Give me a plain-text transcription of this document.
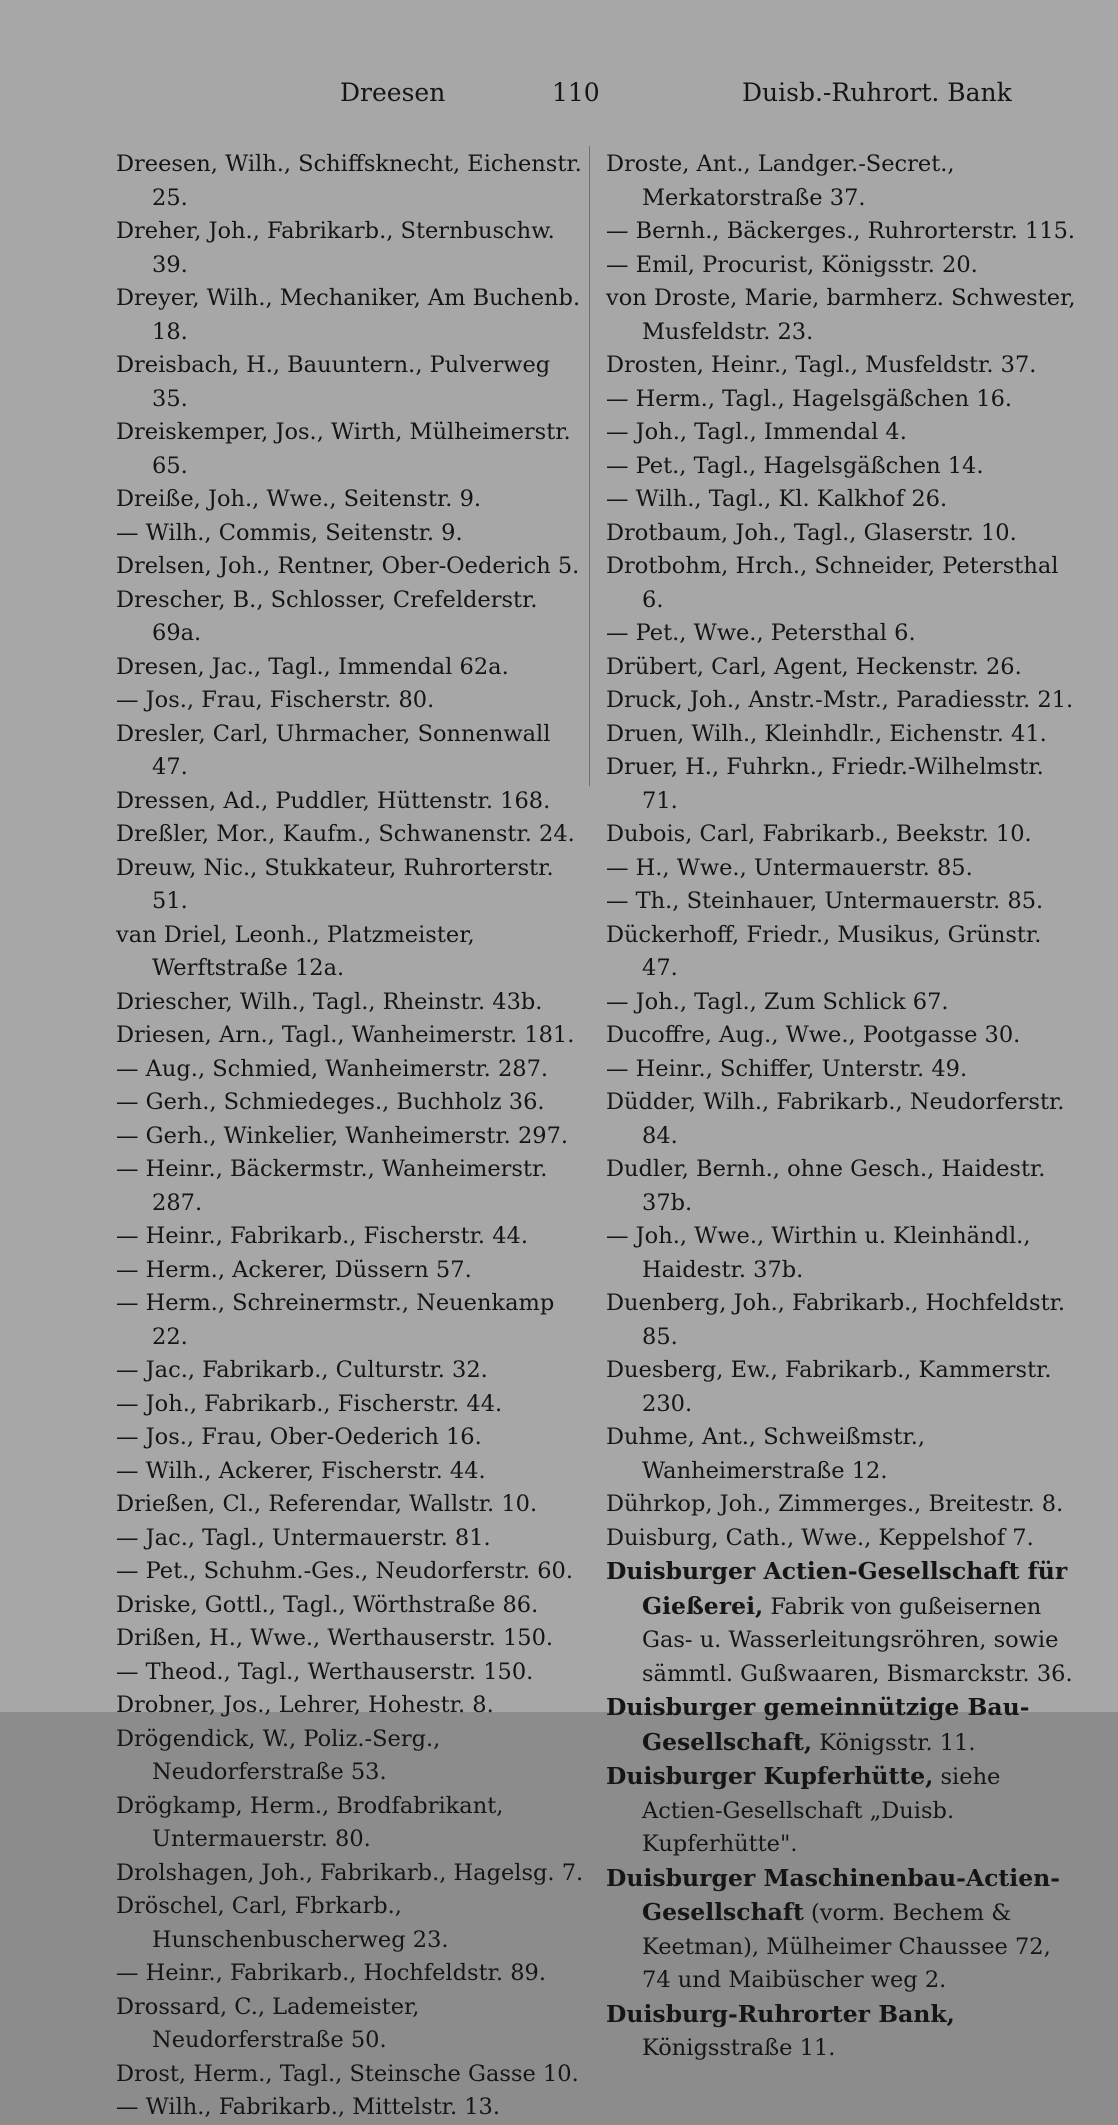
Dreesen	110	Duisb.-Ruhrort. Bank
Dreesen, Wilh., Schiffsknecht, Eichenstr. 25.
Dreher, Joh., Fabrikarb., Sternbuschw. 39.
Dreyer, Wilh., Mechaniker, Am Buchenb. 18.
Dreisbach, H., Bauuntern., Pulverweg 35.
Dreiskemper, Jos., Wirth, Mülheimerstr. 65.
Dreiße, Joh., Wwe., Seitenstr. 9.
— Wilh., Commis, Seitenstr. 9.
Drelsen, Joh., Rentner, Ober-Oederich 5.
Drescher, B., Schlosser, Crefelderstr. 69a.
Dresen, Jac., Tagl., Immendal 62a.
— Jos., Frau, Fischerstr. 80.
Dresler, Carl, Uhrmacher, Sonnenwall 47.
Dressen, Ad., Puddler, Hüttenstr. 168.
Dreßler, Mor., Kaufm., Schwanenstr. 24.
Dreuw, Nic., Stukkateur, Ruhrorterstr. 51.
van Driel, Leonh., Platzmeister, Werftstraße 12a.
Driescher, Wilh., Tagl., Rheinstr. 43b.
Driesen, Arn., Tagl., Wanheimerstr. 181.
— Aug., Schmied, Wanheimerstr. 287.
— Gerh., Schmiedeges., Buchholz 36.
— Gerh., Winkelier, Wanheimerstr. 297.
— Heinr., Bäckermstr., Wanheimerstr. 287.
— Heinr., Fabrikarb., Fischerstr. 44.
— Herm., Ackerer, Düssern 57.
— Herm., Schreinermstr., Neuenkamp 22.
— Jac., Fabrikarb., Culturstr. 32.
— Joh., Fabrikarb., Fischerstr. 44.
— Jos., Frau, Ober-Oederich 16.
— Wilh., Ackerer, Fischerstr. 44.
Drießen, Cl., Referendar, Wallstr. 10.
— Jac., Tagl., Untermauerstr. 81.
— Pet., Schuhm.-Ges., Neudorferstr. 60.
Driske, Gottl., Tagl., Wörthstraße 86.
Drißen, H., Wwe., Werthauserstr. 150.
— Theod., Tagl., Werthauserstr. 150.
Drobner, Jos., Lehrer, Hohestr. 8.
Drögendick, W., Poliz.-Serg., Neudorferstraße 53.
Drögkamp, Herm., Brodfabrikant, Untermauerstr. 80.
Drolshagen, Joh., Fabrikarb., Hagelsg. 7.
Dröschel, Carl, Fbrkarb., Hunschenbuscherweg 23.
— Heinr., Fabrikarb., Hochfeldstr. 89.
Drossard, C., Lademeister, Neudorferstraße 50.
Drost, Herm., Tagl., Steinsche Gasse 10.
— Wilh., Fabrikarb., Mittelstr. 13.
Droste, Ant., Landger.-Secret., Merkatorstraße 37.
— Bernh., Bäckerges., Ruhrorterstr. 115.
— Emil, Procurist, Königsstr. 20.
von Droste, Marie, barmherz. Schwester, Musfeldstr. 23.
Drosten, Heinr., Tagl., Musfeldstr. 37.
— Herm., Tagl., Hagelsgäßchen 16.
— Joh., Tagl., Immendal 4.
— Pet., Tagl., Hagelsgäßchen 14.
— Wilh., Tagl., Kl. Kalkhof 26.
Drotbaum, Joh., Tagl., Glaserstr. 10.
Drotbohm, Hrch., Schneider, Petersthal 6.
— Pet., Wwe., Petersthal 6.
Drübert, Carl, Agent, Heckenstr. 26.
Druck, Joh., Anstr.-Mstr., Paradiesstr. 21.
Druen, Wilh., Kleinhdlr., Eichenstr. 41.
Druer, H., Fuhrkn., Friedr.-Wilhelmstr. 71.
Dubois, Carl, Fabrikarb., Beekstr. 10.
— H., Wwe., Untermauerstr. 85.
— Th., Steinhauer, Untermauerstr. 85.
Dückerhoff, Friedr., Musikus, Grünstr. 47.
— Joh., Tagl., Zum Schlick 67.
Ducoffre, Aug., Wwe., Pootgasse 30.
— Heinr., Schiffer, Unterstr. 49.
Düdder, Wilh., Fabrikarb., Neudorferstr. 84.
Dudler, Bernh., ohne Gesch., Haidestr. 37b.
— Joh., Wwe., Wirthin u. Kleinhändl., Haidestr. 37b.
Duenberg, Joh., Fabrikarb., Hochfeldstr. 85.
Duesberg, Ew., Fabrikarb., Kammerstr. 230.
Duhme, Ant., Schweißmstr., Wanheimerstraße 12.
Dührkop, Joh., Zimmerges., Breitestr. 8.
Duisburg, Cath., Wwe., Keppelshof 7.
Duisburger Actien-Gesellschaft für Gießerei, Fabrik von gußeisernen Gas- u. Wasserleitungsröhren, sowie sämmtl. Gußwaaren, Bismarckstr. 36.
Duisburger gemeinnützige Bau-Gesellschaft, Königsstr. 11.
Duisburger Kupferhütte, siehe Actien-Gesellschaft „Duisb. Kupferhütte".
Duisburger Maschinenbau-Actien-Gesellschaft (vorm. Bechem & Keetman), Mülheimer Chaussee 72, 74 und Maibüscher weg 2.
Duisburg-Ruhrorter Bank, Königsstraße 11.
